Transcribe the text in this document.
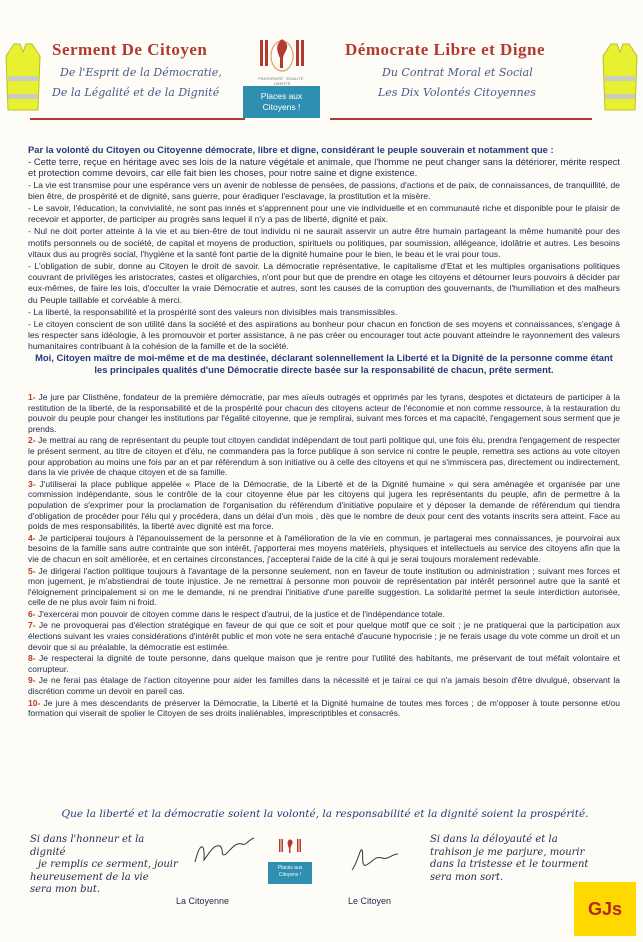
Serment De Citoyen
De l'Esprit de la Démocratie,
De la Légalité et de la Dignité
Démocrate Libre et Digne
Du Contrat Moral et Social
Les Dix Volontés Citoyennes
FRATERNITÉ · ÉGALITÉ · LIBERTÉ
Places aux
Citoyens !

Par la volonté du Citoyen ou Citoyenne démocrate, libre et digne, considérant le peuple souverain et notamment que :

- Cette terre, reçue en héritage avec ses lois de la nature végétale et animale, que l'homme ne peut changer sans la détériorer, mérite respect et protection comme devoirs, car elle fait bien les choses, pour notre saine et digne existence.

- La vie est transmise pour une espérance vers un avenir de noblesse de pensées, de passions, d'actions et de paix, de connaissances, de tranquillité, de bien être, de prospérité et de dignité, sans guerre, pour éradiquer l'esclavage, la prostitution et la misère.

- Le savoir, l'éducation, la convivialité, ne sont pas innés et s'apprennent pour une vie individuelle et en communauté riche et disponible pour le plaisir de recevoir et apporter, de participer au progrès sans lequel il n'y a pas de liberté, dignité et paix.

- Nul ne doit porter atteinte à la vie et au bien-être de tout individu ni ne saurait asservir un autre être humain partageant la même humanité pour des motifs personnels ou de société, de capital et moyens de production, spirituels ou politiques, par soumission, allégeance, idolâtrie et autres. Les besoins vitaux dus au progrès social, l'hygiène et la santé font partie de la dignité humaine pour le bien, le beau et le vrai pour tous.

- L'obligation de subir, donne au Citoyen le droit de savoir. La démocratie représentative, le capitalisme d'Etat et les multiples organisations politiques couvrant de privilèges les aristocrates, castes et oligarchies, n'ont pour but que de prendre en otage les citoyens et détourner leurs pouvoirs à décider par eux-mêmes, de faire les lois, d'occulter la vraie Démocratie et autres, sont les causes de la corruption des gouvernants, de l'humiliation et des malheurs du Peuple taillable et corvéable à merci.

- La liberté, la responsabilité et la prospérité sont des valeurs non divisibles mais transmissibles.

- Le citoyen conscient de son utilité dans la société et des aspirations au bonheur pour chacun en fonction de ses moyens et connaissances, s'engage à les respecter sans idéologie, à les promouvoir et porter assistance, à ne pas créer ou encourager tout acte pouvant atteindre le rayonnement des valeurs humanitaires contribuant à la cohésion de la famille et de la société.

Moi, Citoyen maître de moi-même et de ma destinée, déclarant solennellement la Liberté et la Dignité de la personne comme étant les principales qualités d'une Démocratie directe basée sur la responsabilité de chacun, prête serment.

1- Je jure par Clisthène, fondateur de la première démocratie, par mes aïeuls outragés et opprimés par les tyrans, despotes et dictateurs de participer à la restitution de la liberté, de la responsabilité et de la prospérité pour chacun des citoyens acteur de l'économie et non comme ressource, à la restauration du pouvoir du peuple pour changer les institutions par l'égalité citoyenne, que je remplirai, suivant mes forces et ma capacité, l'engagement sous serment que je prends.

2- Je mettrai au rang de représentant du peuple tout citoyen candidat indépendant de tout parti politique qui, une fois élu, prendra l'engagement de respecter le présent serment, au titre de citoyen et d'élu, ne commandera pas la force publique à son service ni contre le peuple, remettra ses actions au vote citoyen pour approbation au moins une fois par an et par référendum à son initiative ou à celle des citoyens et qui ne s'immiscera pas, directement ou indirectement, dans la vie privée de chaque citoyen et de sa famille.

3- J'utiliserai la place publique appelée « Place de la Démocratie, de la Liberté et de la Dignité humaine » qui sera aménagée et organisée par une commission indépendante, sous le contrôle de la cour citoyenne élue par les citoyens qui jugera les représentants du peuple, afin de permettre à la population de s'exprimer pour la proclamation de l'organisation du référendum d'initiative populaire et y déposer la demande de référendum qui tiendra d'obligation de procéder pour l'élu qui y procédera, dans un délai d'un mois , dès que le nombre de deux pour cent des votants inscrits sera atteint. Face au poids de mes responsabilités, la liberté avec dignité est ma force.

4- Je participerai toujours à l'épanouissement de la personne et à l'amélioration de la vie en commun, je partagerai mes connaissances, je pourvoirai aux besoins de la famille sans autre contrainte que son intérêt, j'apporterai mes moyens matériels, physiques et intellectuels au service des citoyens afin que la vie de chacun en soit améliorée, et en certaines circonstances, j'accepterai l'aide de la cité à qui je serai toujours moralement redevable.

5- Je dirigerai l'action politique toujours à l'avantage de la personne seulement, non en faveur de toute institution ou administration ; suivant mes forces et mon jugement, je m'abstiendrai de toute injustice. Je ne remettrai à personne mon pouvoir de représentation par intérêt personnel autre que la santé et l'éloignement principalement si on me le demande, ni ne prendrai l'initiative d'une pareille suggestion. La solidarité permet la seule interdiction autorisée, celle de ne plus avoir faim ni froid.

6- J'exercerai mon pouvoir de citoyen comme dans le respect d'autrui, de la justice et de l'indépendance totale.

7- Je ne provoquerai pas d'élection stratégique en faveur de qui que ce soit et pour quelque motif que ce soit ; je ne pratiquerai que la participation aux élections suivant les vraies considérations d'intérêt public et mon vote ne sera entaché d'aucune hypocrisie ; je ne ferais usage du vote comme un droit et un devoir que si au préalable, la démocratie est estimée.

8- Je respecterai la dignité de toute personne, dans quelque maison que je rentre pour l'utilité des habitants, me préservant de tout méfait volontaire et corrupteur.

9- Je ne ferai pas étalage de l'action citoyenne pour aider les familles dans la nécessité et je tairai ce qui n'a jamais besoin d'être divulgué, observant la discrétion comme un devoir en pareil cas.

10- Je jure à mes descendants de préserver la Démocratie, la Liberté et la Dignité humaine de toutes mes forces ; de m'opposer à toute personne et/ou formation qui viserait de spolier le Citoyen de ses droits inaliénables, imprescriptibles et consacrés.

Que la liberté et la démocratie soient la volonté, la responsabilité et la dignité soient la prospérité.
Si dans l'honneur et la dignité
je remplis ce serment, jouir
heureusement de la vie
sera mon but.
Si dans la déloyauté et la
trahison je me parjure, mourir
dans la tristesse et le tourment
sera mon sort.
Places aux
Citoyens !
La Citoyenne	Le Citoyen	GJs
